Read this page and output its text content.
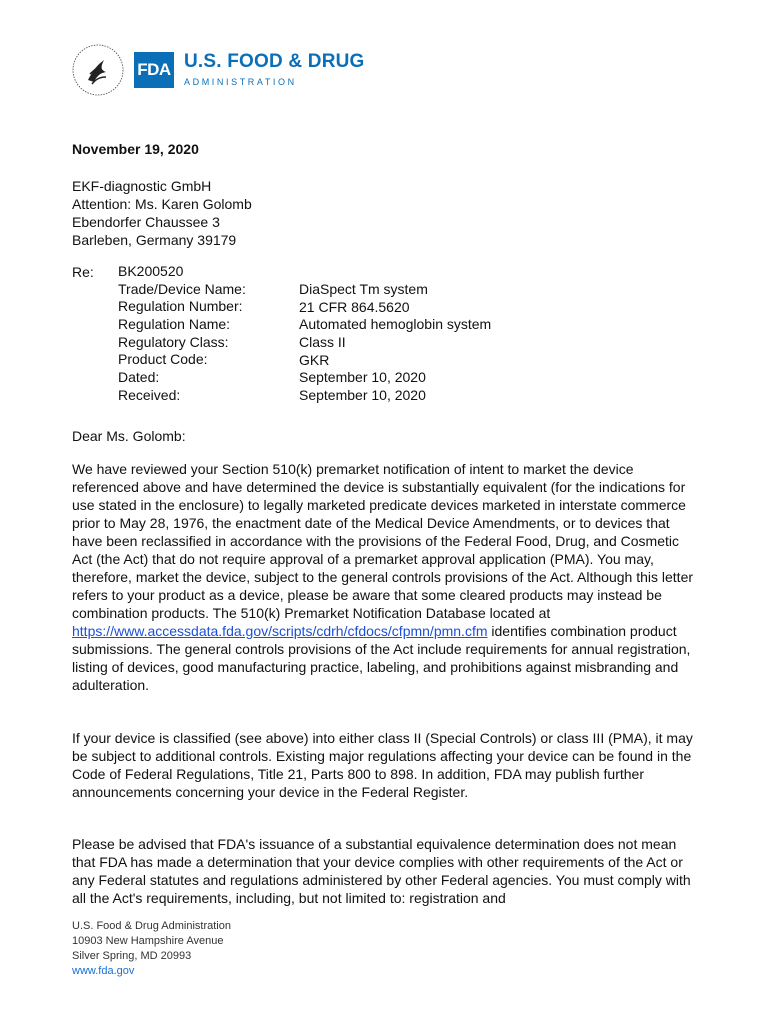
FDA U.S. FOOD & DRUG
ADMINISTRATION
November 19, 2020
EKF-diagnostic GmbH
Attention: Ms. Karen Golomb
Ebendorfer Chaussee 3
Barleben, Germany 39179
Re: BK200520
Trade/Device Name:
Regulation Number:
Regulation Name:
Regulatory Class:
Product Code:
Dated:
Received:
DiaSpect Tm system
21 CFR 864.5620
Automated hemoglobin system
Class II
GKR
September 10, 2020
September 10, 2020
Dear Ms. Golomb:
We have reviewed your Section 510(k) premarket notification of intent to market the device referenced above and have determined the device is substantially equivalent (for the indications for use stated in the enclosure) to legally marketed predicate devices marketed in interstate commerce prior to May 28, 1976, the enactment date of the Medical Device Amendments, or to devices that have been reclassified in accordance with the provisions of the Federal Food, Drug, and Cosmetic Act (the Act) that do not require approval of a premarket approval application (PMA). You may, therefore, market the device, subject to the general controls provisions of the Act. Although this letter refers to your product as a device, please be aware that some cleared products may instead be combination products. The 510(k) Premarket Notification Database located at https://www.accessdata.fda.gov/scripts/cdrh/cfdocs/cfpmn/pmn.cfm identifies combination product submissions. The general controls provisions of the Act include requirements for annual registration, listing of devices, good manufacturing practice, labeling, and prohibitions against misbranding and adulteration.
If your device is classified (see above) into either class II (Special Controls) or class III (PMA), it may be subject to additional controls. Existing major regulations affecting your device can be found in the Code of Federal Regulations, Title 21, Parts 800 to 898. In addition, FDA may publish further announcements concerning your device in the Federal Register.
Please be advised that FDA's issuance of a substantial equivalence determination does not mean that FDA has made a determination that your device complies with other requirements of the Act or any Federal statutes and regulations administered by other Federal agencies. You must comply with all the Act's requirements, including, but not limited to: registration and
U.S. Food & Drug Administration
10903 New Hampshire Avenue
Silver Spring, MD 20993
www.fda.gov
